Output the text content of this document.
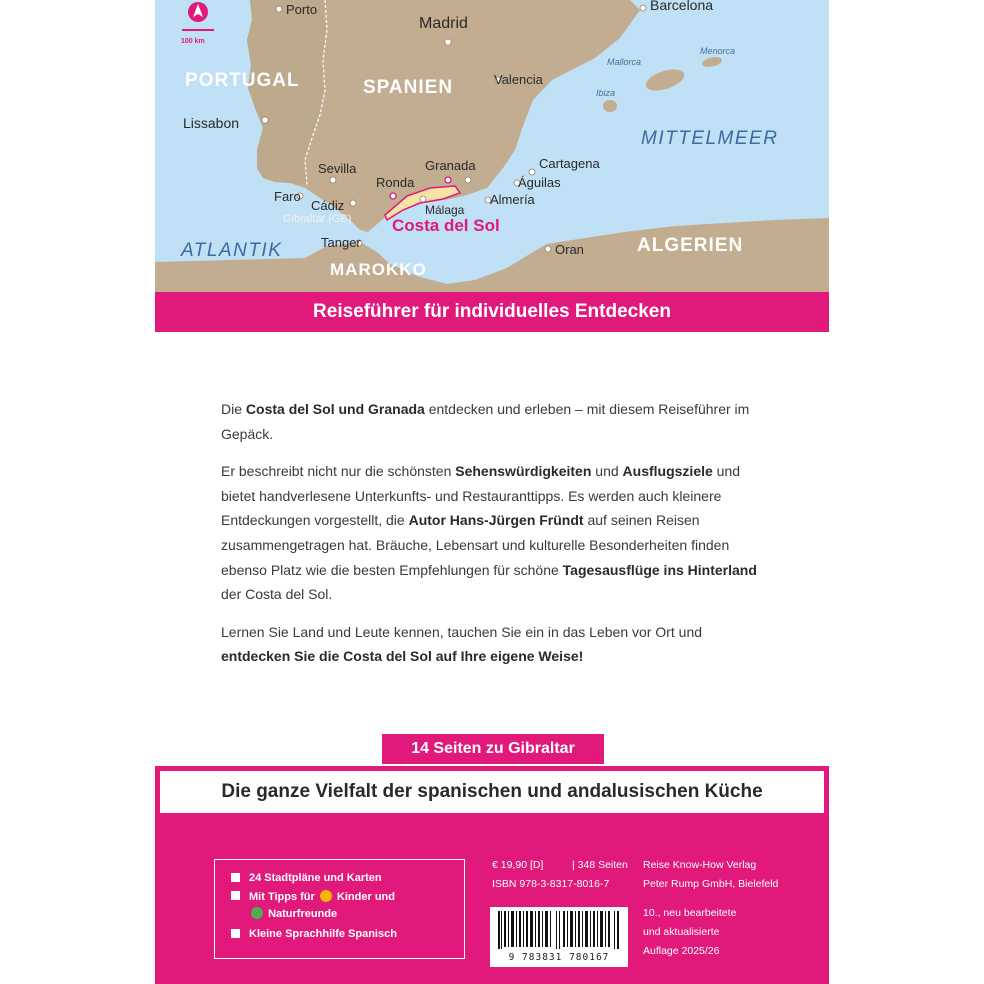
100 km
Porto
Madrid
Barcelona
Valencia
Lissabon
Sevilla	Granada	Cartagena
Ronda	Águilas
Faro
Cádiz	Málaga
Almería
Gibraltar (GB)
Tanger	Oran
PORTUGAL	SPANIEN
MAROKKO
ALGERIEN
ATLANTIK
MITTELMEER
Mallorca
Menorca
Ibiza
Costa del Sol
Reiseführer für individuelles Entdecken

Die Costa del Sol und Granada entdecken und erleben – mit diesem Reiseführer im Gepäck.

Er beschreibt nicht nur die schönsten Sehenswürdigkeiten und Ausflugsziele und bietet handverlesene Unterkunfts- und Restauranttipps. Es werden auch kleinere Entdeckungen vorgestellt, die Autor Hans-Jürgen Fründt auf seinen Reisen zusammengetragen hat. Bräuche, Lebensart und kulturelle Besonderheiten finden ebenso Platz wie die besten Empfehlungen für schöne Tagesausflüge ins Hinterland der Costa del Sol.

Lernen Sie Land und Leute kennen, tauchen Sie ein in das Leben vor Ort und entdecken Sie die Costa del Sol auf Ihre eigene Weise!

14 Seiten zu Gibraltar
Die ganze Vielfalt der spanischen und andalusischen Küche
24 Stadtpläne und Karten
Mit Tipps für Kinder und
Naturfreunde
Kleine Sprachhilfe Spanisch
€ 19,90 [D]	| 348 Seiten
ISBN 978-3-8317-8016-7
Reise Know-How Verlag
Peter Rump GmbH, Bielefeld
10., neu bearbeitete
und aktualisierte
Auflage 2025/26
9 783831 780167
